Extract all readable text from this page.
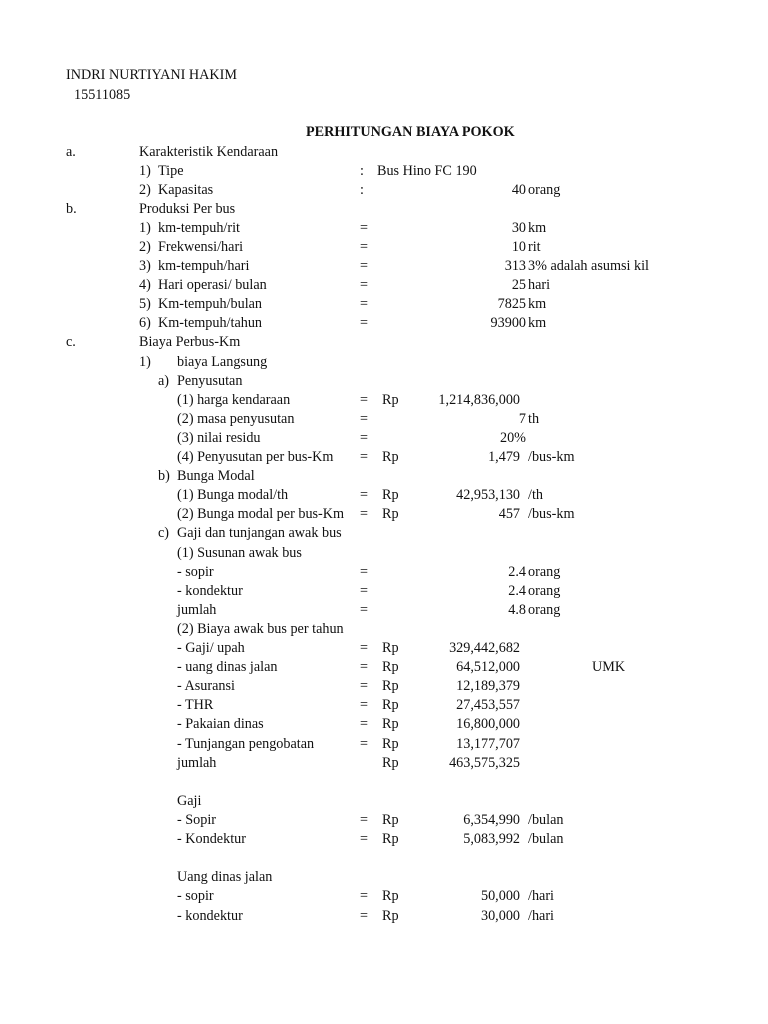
INDRI NURTIYANI HAKIM
15511085
PERHITUNGAN BIAYA POKOK
a.	Karakteristik Kendaraan
1) Tipe	: Bus Hino FC 190
2) Kapasitas	:	40 orang
b.	Produksi Per bus
1) km-tempuh/rit	=	30 km
2) Frekwensi/hari	=	10 rit
3) km-tempuh/hari	=	313 3% adalah asumsi kil
4) Hari operasi/ bulan	=	25 hari
5) Km-tempuh/bulan	=	7825 km
6) Km-tempuh/tahun	=	93900 km
c.	Biaya Perbus-Km
1) biaya Langsung
a) Penyusutan
(1) harga kendaraan	= Rp	1,214,836,000
(2) masa penyusutan	=	7 th
(3) nilai residu	=	20%
(4) Penyusutan per bus-Km = Rp	1,479 /bus-km
b) Bunga Modal
(1) Bunga modal/th	= Rp	42,953,130 /th
(2) Bunga modal per bus-Km = Rp	457 /bus-km
c) Gaji dan tunjangan awak bus
(1) Susunan awak bus
- sopir	=	2.4 orang
- kondektur	=	2.4 orang
jumlah	=	4.8 orang
(2) Biaya awak bus per tahun
- Gaji/ upah	= Rp	329,442,682
- uang dinas jalan	= Rp	64,512,000	UMK
- Asuransi	= Rp	12,189,379
- THR	= Rp	27,453,557
- Pakaian dinas	= Rp	16,800,000
- Tunjangan pengobatan	= Rp	13,177,707
jumlah	Rp	463,575,325
Gaji
- Sopir	= Rp	6,354,990 /bulan
- Kondektur	= Rp	5,083,992 /bulan
Uang dinas jalan
- sopir	= Rp	50,000 /hari
- kondektur	= Rp	30,000 /hari
